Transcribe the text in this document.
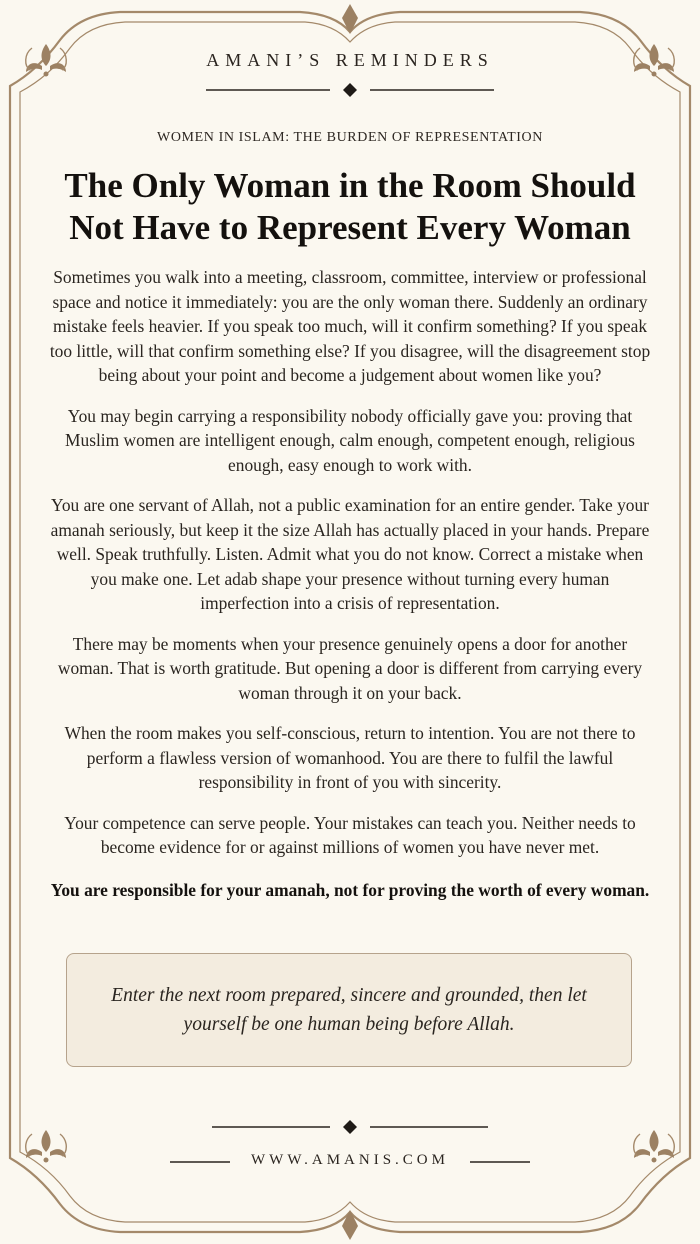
AMANI’S REMINDERS
WOMEN IN ISLAM: THE BURDEN OF REPRESENTATION
The Only Woman in the Room Should Not Have to Represent Every Woman

Sometimes you walk into a meeting, classroom, committee, interview or professional space and notice it immediately: you are the only woman there. Suddenly an ordinary mistake feels heavier. If you speak too much, will it confirm something? If you speak too little, will that confirm something else? If you disagree, will the disagreement stop being about your point and become a judgement about women like you?

You may begin carrying a responsibility nobody officially gave you: proving that Muslim women are intelligent enough, calm enough, competent enough, religious enough, easy enough to work with.

You are one servant of Allah, not a public examination for an entire gender. Take your amanah seriously, but keep it the size Allah has actually placed in your hands. Prepare well. Speak truthfully. Listen. Admit what you do not know. Correct a mistake when you make one. Let adab shape your presence without turning every human imperfection into a crisis of representation.

There may be moments when your presence genuinely opens a door for another woman. That is worth gratitude. But opening a door is different from carrying every woman through it on your back.

When the room makes you self-conscious, return to intention. You are not there to perform a flawless version of womanhood. You are there to fulfil the lawful responsibility in front of you with sincerity.

Your competence can serve people. Your mistakes can teach you. Neither needs to become evidence for or against millions of women you have never met.

You are responsible for your amanah, not for proving the worth of every woman.

Enter the next room prepared, sincere and grounded, then let yourself be one human being before Allah.
WWW.AMANIS.COM
